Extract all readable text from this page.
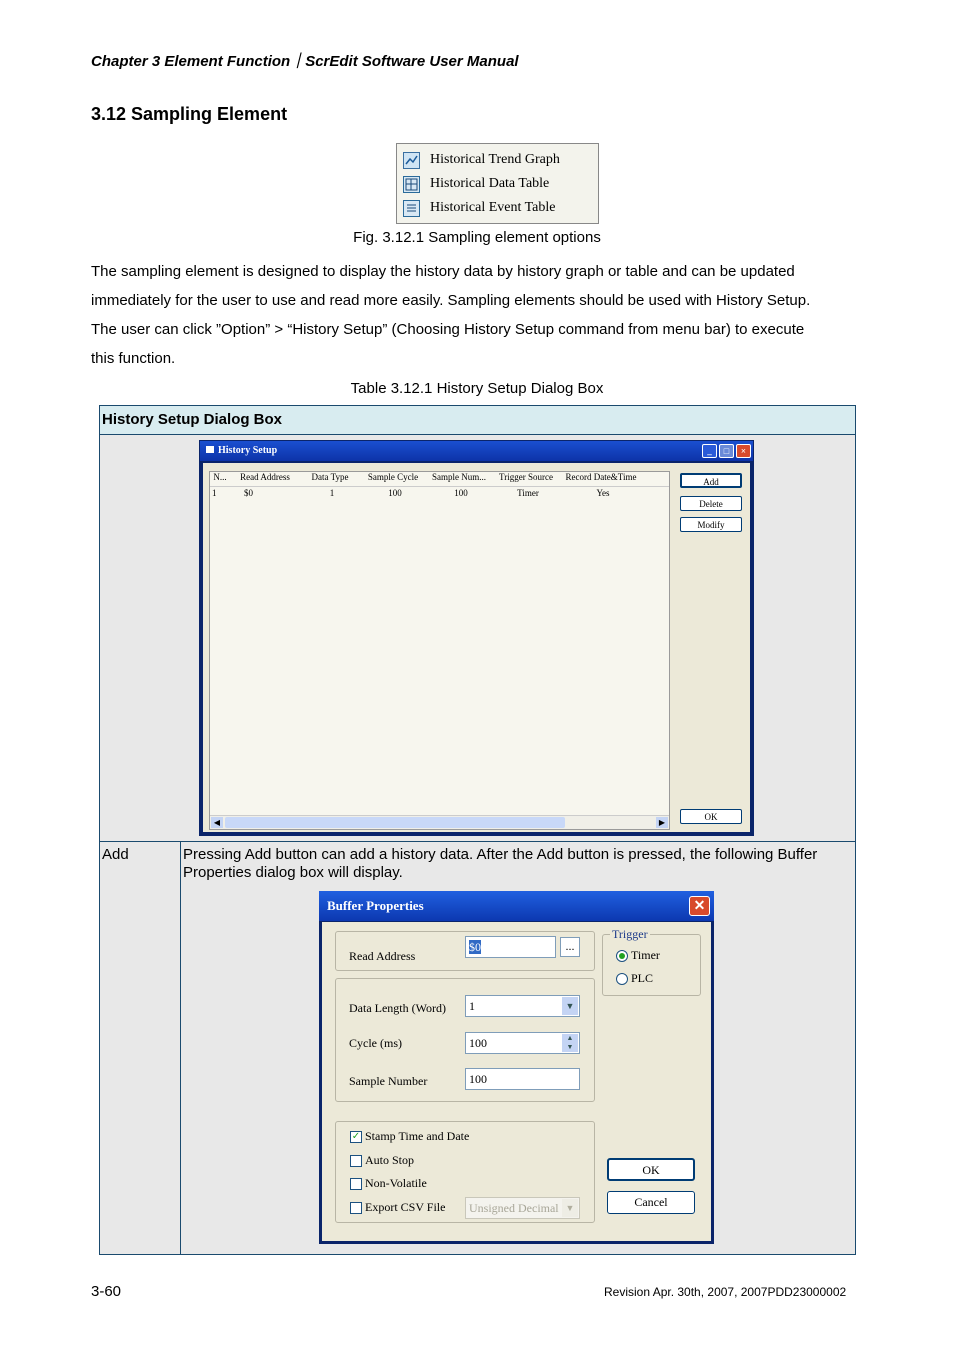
Chapter 3 Element Function｜ScrEdit Software User Manual
3.12 Sampling Element
Historical Trend Graph
Historical Data Table
Historical Event Table
Fig. 3.12.1 Sampling element options

The sampling element is designed to display the history data by history graph or table and can be updated

immediately for the user to use and read more easily. Sampling elements should be used with History Setup.

The user can click ”Option” > “History Setup” (Choosing History Setup command from menu bar) to execute

this function.

Table 3.12.1 History Setup Dialog Box
History Setup Dialog Box

Add	Pressing Add button can add a history data. After the Add button is pressed, the following Buffer Properties dialog box will display.
History Setup	_	□	×
N...	Read Address	Data Type	Sample Cycle	Sample Num...	Trigger Source	Record Date&Time
1	$0	1	100	100	Timer	Yes
◀	▶
Add
Delete
Modify
OK
Buffer Properties	✕
Read Address
$0	...
Trigger
Timer
PLC
Data Length (Word)	1	▼
Cycle (ms)	100	▲
▼
Sample Number	100
✓ Stamp Time and Date
Auto Stop
Non-Volatile
Export CSV File	Unsigned Decimal ▼
OK
Cancel
3-60	Revision Apr. 30th, 2007, 2007PDD23000002
